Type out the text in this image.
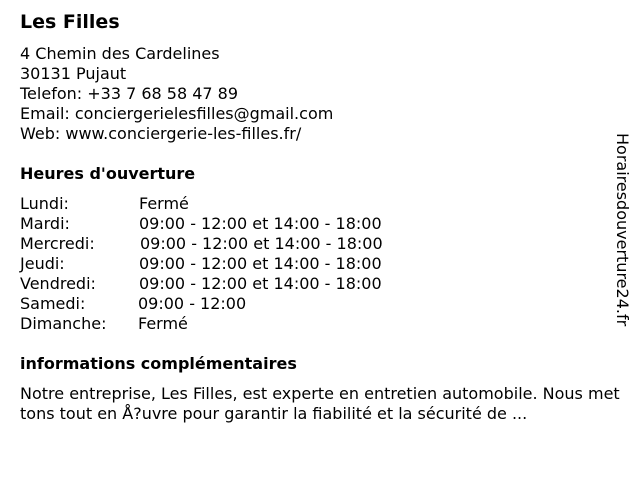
Les Filles
4 Chemin des Cardelines
30131 Pujaut
Telefon: +33 7 68 58 47 89
Email: conciergerielesfilles@gmail.com
Web: www.conciergerie-les-filles.fr/
Heures d'ouverture
Lundi:	Fermé
Mardi:	09:00 - 12:00 et 14:00 - 18:00
Mercredi:	09:00 - 12:00 et 14:00 - 18:00
Jeudi:	09:00 - 12:00 et 14:00 - 18:00
Vendredi:	09:00 - 12:00 et 14:00 - 18:00
Samedi:	09:00 - 12:00
Dimanche: Fermé
informations complémentaires
Notre entreprise, Les Filles, est experte en entretien automobile. Nous mettons tout en Å?uvre pour garantir la fiabilité et la sécurité de ...
Horairesdouverture24.fr
